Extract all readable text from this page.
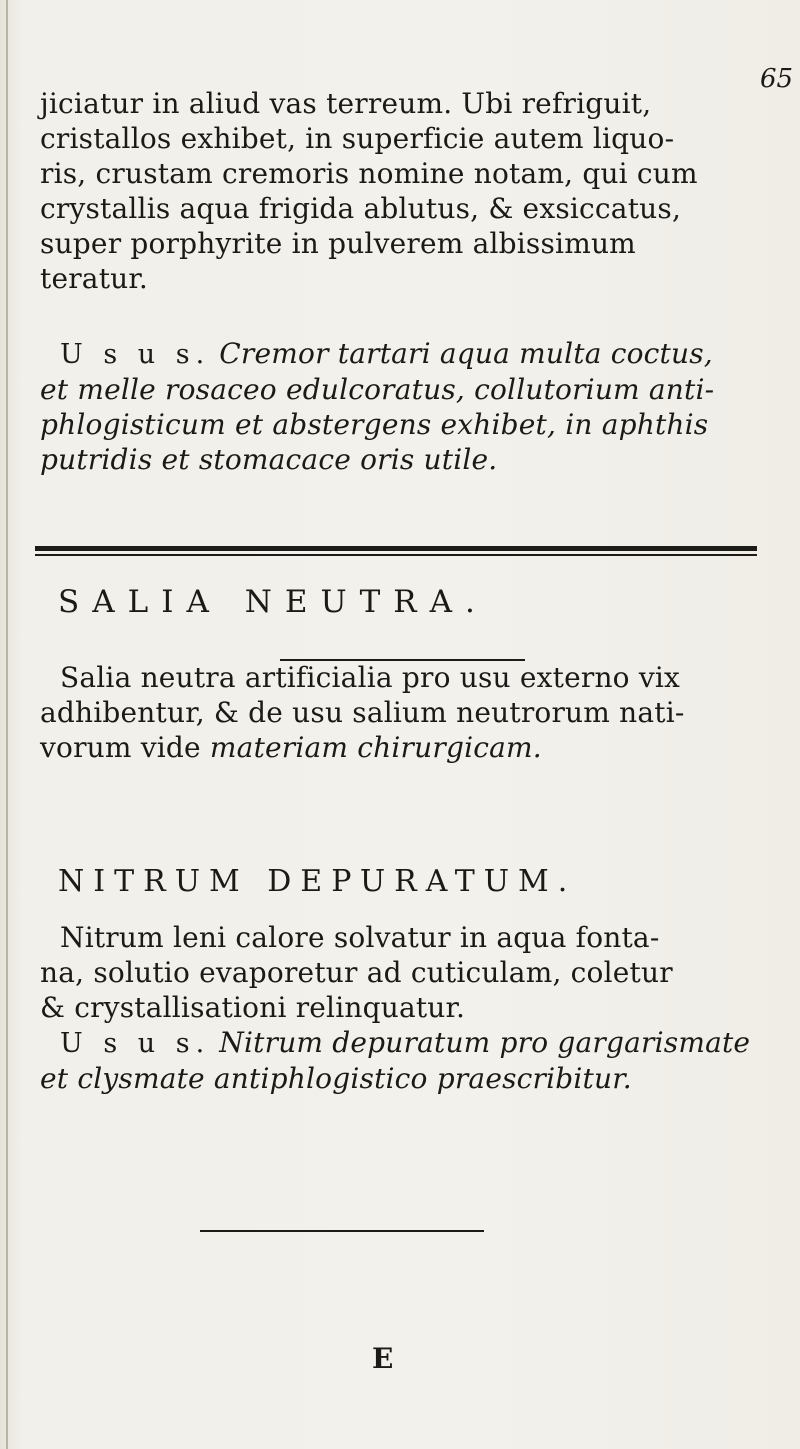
65
jiciatur in aliud vas terreum. Ubi refriguit,
cristallos exhibet, in superficie autem liquo-
ris, crustam cremoris nomine notam, qui cum
crystallis aqua frigida ablutus, & exsiccatus,
super porphyrite in pulverem albissimum
teratur.
U s u s. Cremor tartari aqua multa coctus,
et melle rosaceo edulcoratus, collutorium anti-
phlogisticum et abstergens exhibet, in aphthis
putridis et stomacace oris utile.
SALIA NEUTRA.
Salia neutra artificialia pro usu externo vix
adhibentur, & de usu salium neutrorum nati-
vorum vide materiam chirurgicam.
NITRUM DEPURATUM.
Nitrum leni calore solvatur in aqua fonta-
na, solutio evaporetur ad cuticulam, coletur
& crystallisationi relinquatur.
U s u s. Nitrum depuratum pro gargarismate
et clysmate antiphlogistico praescribitur.
E
